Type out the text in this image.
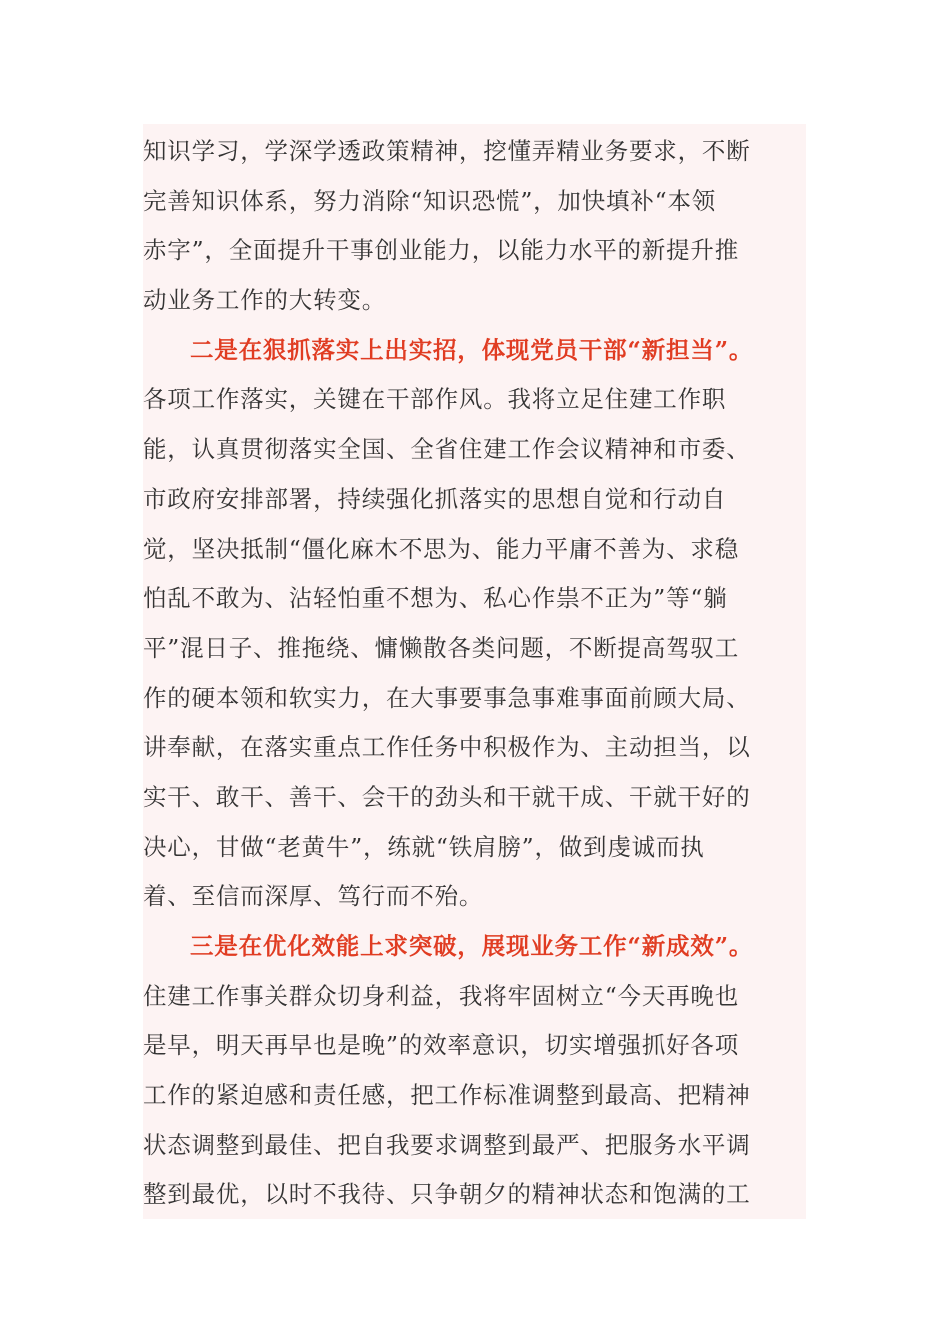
知识学习，学深学透政策精神，挖懂弄精业务要求，不断
完善知识体系，努力消除“知识恐慌”，加快填补“本领
赤字”，全面提升干事创业能力，以能力水平的新提升推
动业务工作的大转变。
二是在狠抓落实上出实招，体现党员干部“新担当”。
各项工作落实，关键在干部作风。我将立足住建工作职
能，认真贯彻落实全国、全省住建工作会议精神和市委、
市政府安排部署，持续强化抓落实的思想自觉和行动自
觉，坚决抵制“僵化麻木不思为、能力平庸不善为、求稳
怕乱不敢为、沾轻怕重不想为、私心作祟不正为”等“躺
平”混日子、推拖绕、慵懒散各类问题，不断提高驾驭工
作的硬本领和软实力，在大事要事急事难事面前顾大局、
讲奉献，在落实重点工作任务中积极作为、主动担当，以
实干、敢干、善干、会干的劲头和干就干成、干就干好的
决心，甘做“老黄牛”，练就“铁肩膀”，做到虔诚而执
着、至信而深厚、笃行而不殆。
三是在优化效能上求突破，展现业务工作“新成效”。
住建工作事关群众切身利益，我将牢固树立“今天再晚也
是早，明天再早也是晚”的效率意识，切实增强抓好各项
工作的紧迫感和责任感，把工作标准调整到最高、把精神
状态调整到最佳、把自我要求调整到最严、把服务水平调
整到最优，以时不我待、只争朝夕的精神状态和饱满的工
